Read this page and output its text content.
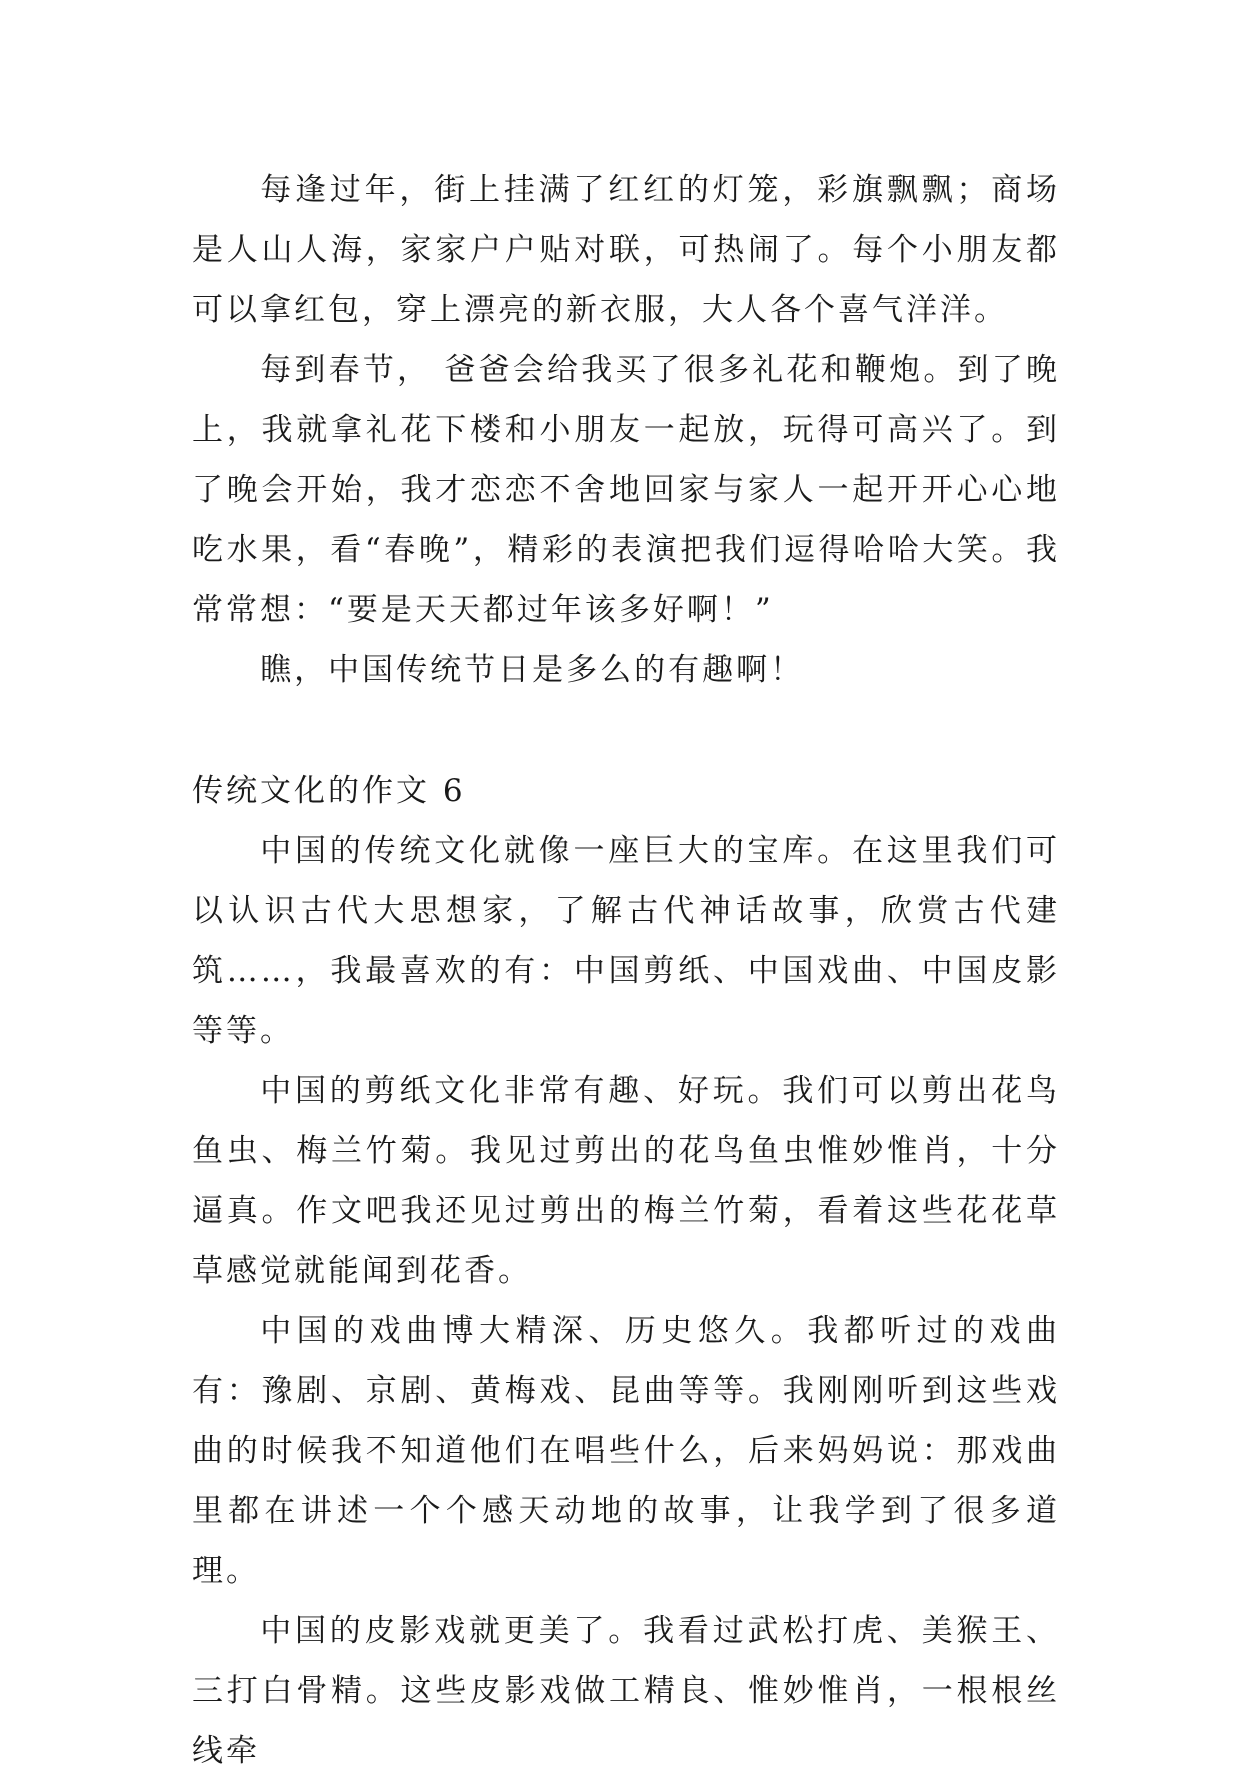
每逢过年，街上挂满了红红的灯笼，彩旗飘飘；商场是人山人海，家家户户贴对联，可热闹了。每个小朋友都可以拿红包，穿上漂亮的新衣服，大人各个喜气洋洋。

每到春节， 爸爸会给我买了很多礼花和鞭炮。到了晚上，我就拿礼花下楼和小朋友一起放，玩得可高兴了。到了晚会开始，我才恋恋不舍地回家与家人一起开开心心地吃水果，看“春晚”，精彩的表演把我们逗得哈哈大笑。我常常想：“要是天天都过年该多好啊！”

瞧，中国传统节日是多么的有趣啊！

传统文化的作文 6

中国的传统文化就像一座巨大的宝库。在这里我们可以认识古代大思想家，了解古代神话故事，欣赏古代建筑……，我最喜欢的有：中国剪纸、中国戏曲、中国皮影等等。

中国的剪纸文化非常有趣、好玩。我们可以剪出花鸟鱼虫、梅兰竹菊。我见过剪出的花鸟鱼虫惟妙惟肖，十分逼真。作文吧我还见过剪出的梅兰竹菊，看着这些花花草草感觉就能闻到花香。

中国的戏曲博大精深、历史悠久。我都听过的戏曲有：豫剧、京剧、黄梅戏、昆曲等等。我刚刚听到这些戏曲的时候我不知道他们在唱些什么，后来妈妈说：那戏曲里都在讲述一个个感天动地的故事，让我学到了很多道理。

中国的皮影戏就更美了。我看过武松打虎、美猴王、三打白骨精。这些皮影戏做工精良、惟妙惟肖，一根根丝线牵
